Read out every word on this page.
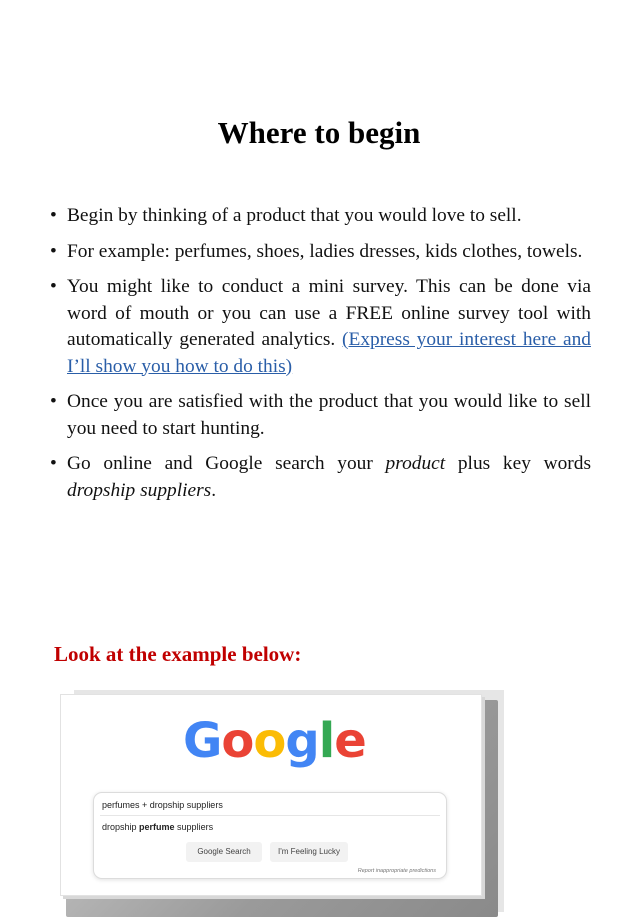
Where to begin
• Begin by thinking of a product that you would love to sell.
• For example: perfumes, shoes, ladies dresses, kids clothes, towels.
• You might like to conduct a mini survey. This can be done via word of mouth or you can use a FREE online survey tool with automatically generated analytics. (Express your interest here and I’ll show you how to do this)
• Once you are satisfied with the product that you would like to sell you need to start hunting.
• Go online and Google search your product plus key words dropship suppliers.
Look at the example below:
Google
perfumes + dropship suppliers
dropship perfume suppliers
Google Search	I'm Feeling Lucky
Report inappropriate predictions
